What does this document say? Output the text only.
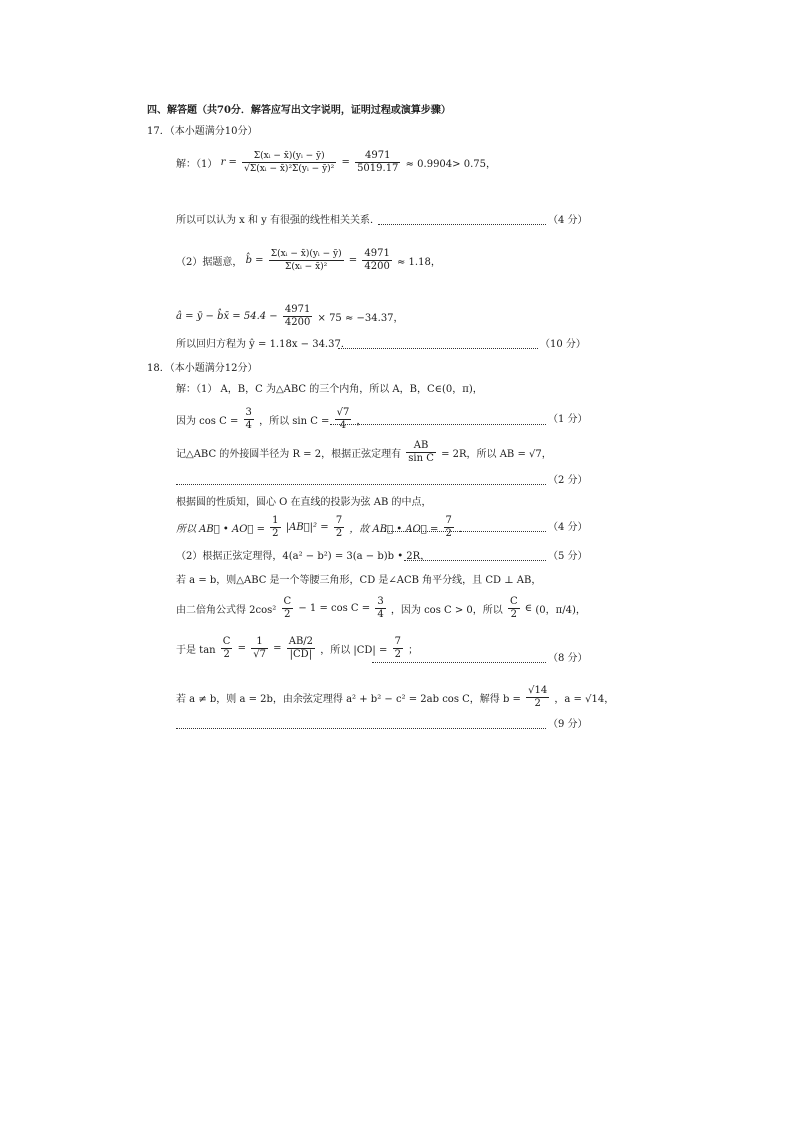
四、解答题（共70分．解答应写出文字说明，证明过程或演算步骤）
17．（本小题满分10分）
解：（1） $r = \frac{\text{Σ(xᵢ − x̄)(yᵢ − ȳ)}}{\text{√Σ(xᵢ − x̄)²Σ(yᵢ − ȳ)²}} = \frac{4971}{5019.17} \approx 0.9904> 0.75$，
所以可以认为 x 和 y 有很强的线性相关关系．	（4 分）
（2）据题意， b̂ = $\frac{\text{Σ(xᵢ − x̄)(yᵢ − ȳ)}}{\text{Σ(xᵢ − x̄)²}} = \frac{4971}{4200} \approx 1.18$，
â = ȳ − b̂x̄ = $54.4 - \frac{4971}{4200} \times 75 \approx -34.37$，
所以回归方程为 ŷ = 1.18x − 34.37．	（10 分）
18．（本小题满分12分）
解：（1） A，B，C 为△ABC 的三个内角，所以 A，B，C∈(0，π)，
因为 $\cos C = \frac{3}{4}$ ，所以 $\sin C = \frac{√7}{4}$ ，	（1 分）
记△ABC 的外接圆半径为 R = 2，根据正弦定理有 $\frac{AB}{\text{sin C}} = 2R$，所以 AB = √7，
（2 分）
根据圆的性质知，圆心 O 在直线的投影为弦 AB 的中点，
所以 AB⃗ • AO⃗ = $\frac{1}{2}$ |AB⃗|² = $\frac{7}{2}$ ，故 AB⃗ • AO⃗ = $\frac{7}{2}$ ．	（4 分）
（2）根据正弦定理得，4(a² − b²) = 3(a − b)b • 2R，	（5 分）
若 a = b，则△ABC 是一个等腰三角形，CD 是∠ACB 角平分线，且 CD ⊥ AB，
由二倍角公式得 $2\cos^2 \frac{C}{2} - 1 = \cos C = \frac{3}{4}$ ，因为 cos C > 0，所以 $\frac{C}{2}$ ∈ (0，π/4)，
于是 $\tan \frac{C}{2} = \frac{1}{√7} = \frac{AB/2}{|CD|}$ ，所以 $|CD| = \frac{7}{2}$ ；
（8 分）
若 a ≠ b，则 a = 2b，由余弦定理得 a² + b² − c² = 2ab cos C，解得 $b = \frac{√14}{2}$ ，a = √14，
（9 分）
